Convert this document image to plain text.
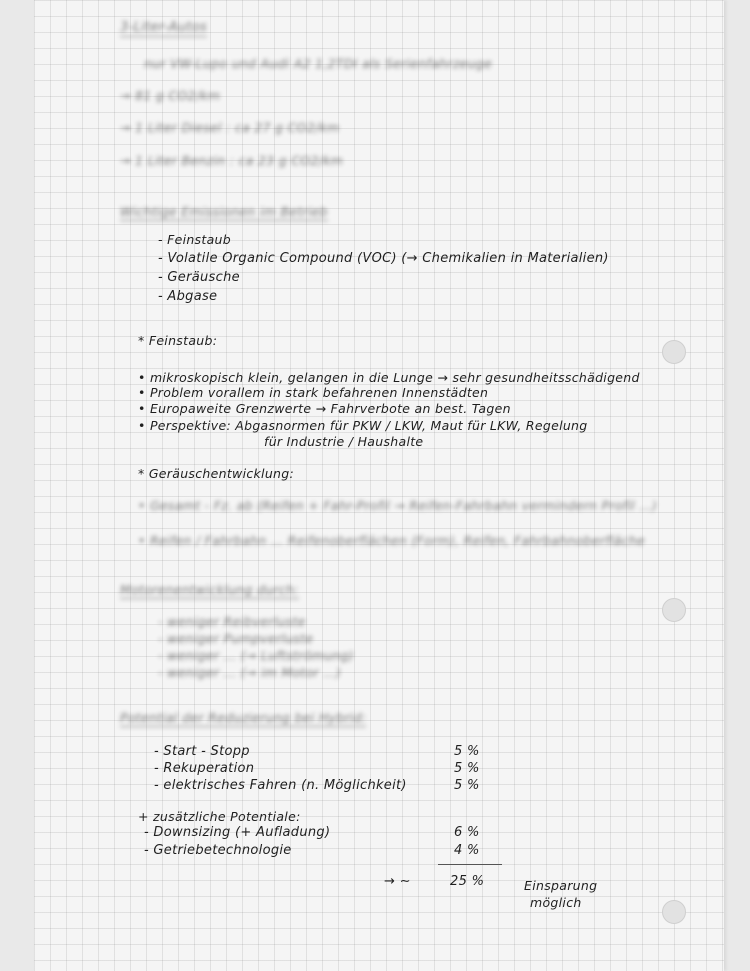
3-Liter-Autos
nur VW-Lupo und Audi A2 1,2TDI als Serienfahrzeuge
→ 81 g CO2/km
→ 1 Liter Diesel : ca 27 g CO2/km
→ 1 Liter Benzin : ca 23 g CO2/km
Wichtige Emissionen im Betrieb
- Feinstaub
- Volatile Organic Compound (VOC) (→ Chemikalien in Materialien)
- Geräusche
- Abgase
* Feinstaub:
• mikroskopisch klein, gelangen in die Lunge → sehr gesundheitsschädigend
• Problem vorallem in stark befahrenen Innenstädten
• Europaweite Grenzwerte → Fahrverbote an best. Tagen
• Perspektive: Abgasnormen für PKW / LKW, Maut für LKW, Regelung
für Industrie / Haushalte
* Geräuschentwicklung:
• Gesamt - Fz. ab (Reifen + Fahr-Profil → Reifen-Fahrbahn vermindern Profil ...)
• Reifen / Fahrbahn ... Reifenoberflächen (Form), Reifen, Fahrbahnoberfläche
Motorenentwicklung durch:
- weniger Reibverluste
- weniger Pumpverluste
- weniger ... (→ Luftströmung)
- weniger ... (→ im Motor ...)
Potential der Reduzierung bei Hybrid:
- Start - Stopp	5 %
- Rekuperation	5 %
- elektrisches Fahren (n. Möglichkeit)	5 %
+ zusätzliche Potentiale:
- Downsizing (+ Aufladung)	6 %
- Getriebetechnologie	4 %
→ ∼	25 %	Einsparung
möglich
